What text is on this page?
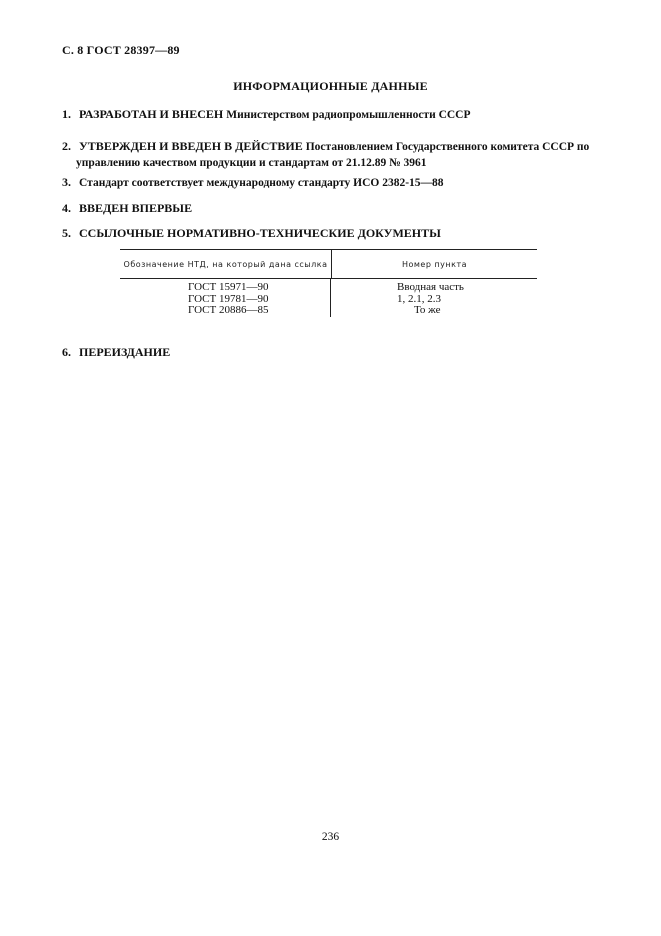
С. 8 ГОСТ 28397—89
ИНФОРМАЦИОННЫЕ ДАННЫЕ
1. РАЗРАБОТАН И ВНЕСЕН Министерством радиопромышленности СССР
2. УТВЕРЖДЕН И ВВЕДЕН В ДЕЙСТВИЕ Постановлением Государственного комитета СССР по
управлению качеством продукции и стандартам от 21.12.89 № 3961
3. Стандарт соответствует международному стандарту ИСО 2382-15—88
4. ВВЕДЕН ВПЕРВЫЕ
5. ССЫЛОЧНЫЕ НОРМАТИВНО-ТЕХНИЧЕСКИЕ ДОКУМЕНТЫ
Обозначение НТД, на который дана ссылка	Номер пункта
ГОСТ 15971—90
ГОСТ 19781—90
ГОСТ 20886—85
Вводная часть
1, 2.1, 2.3
То же
6. ПЕРЕИЗДАНИЕ
236
